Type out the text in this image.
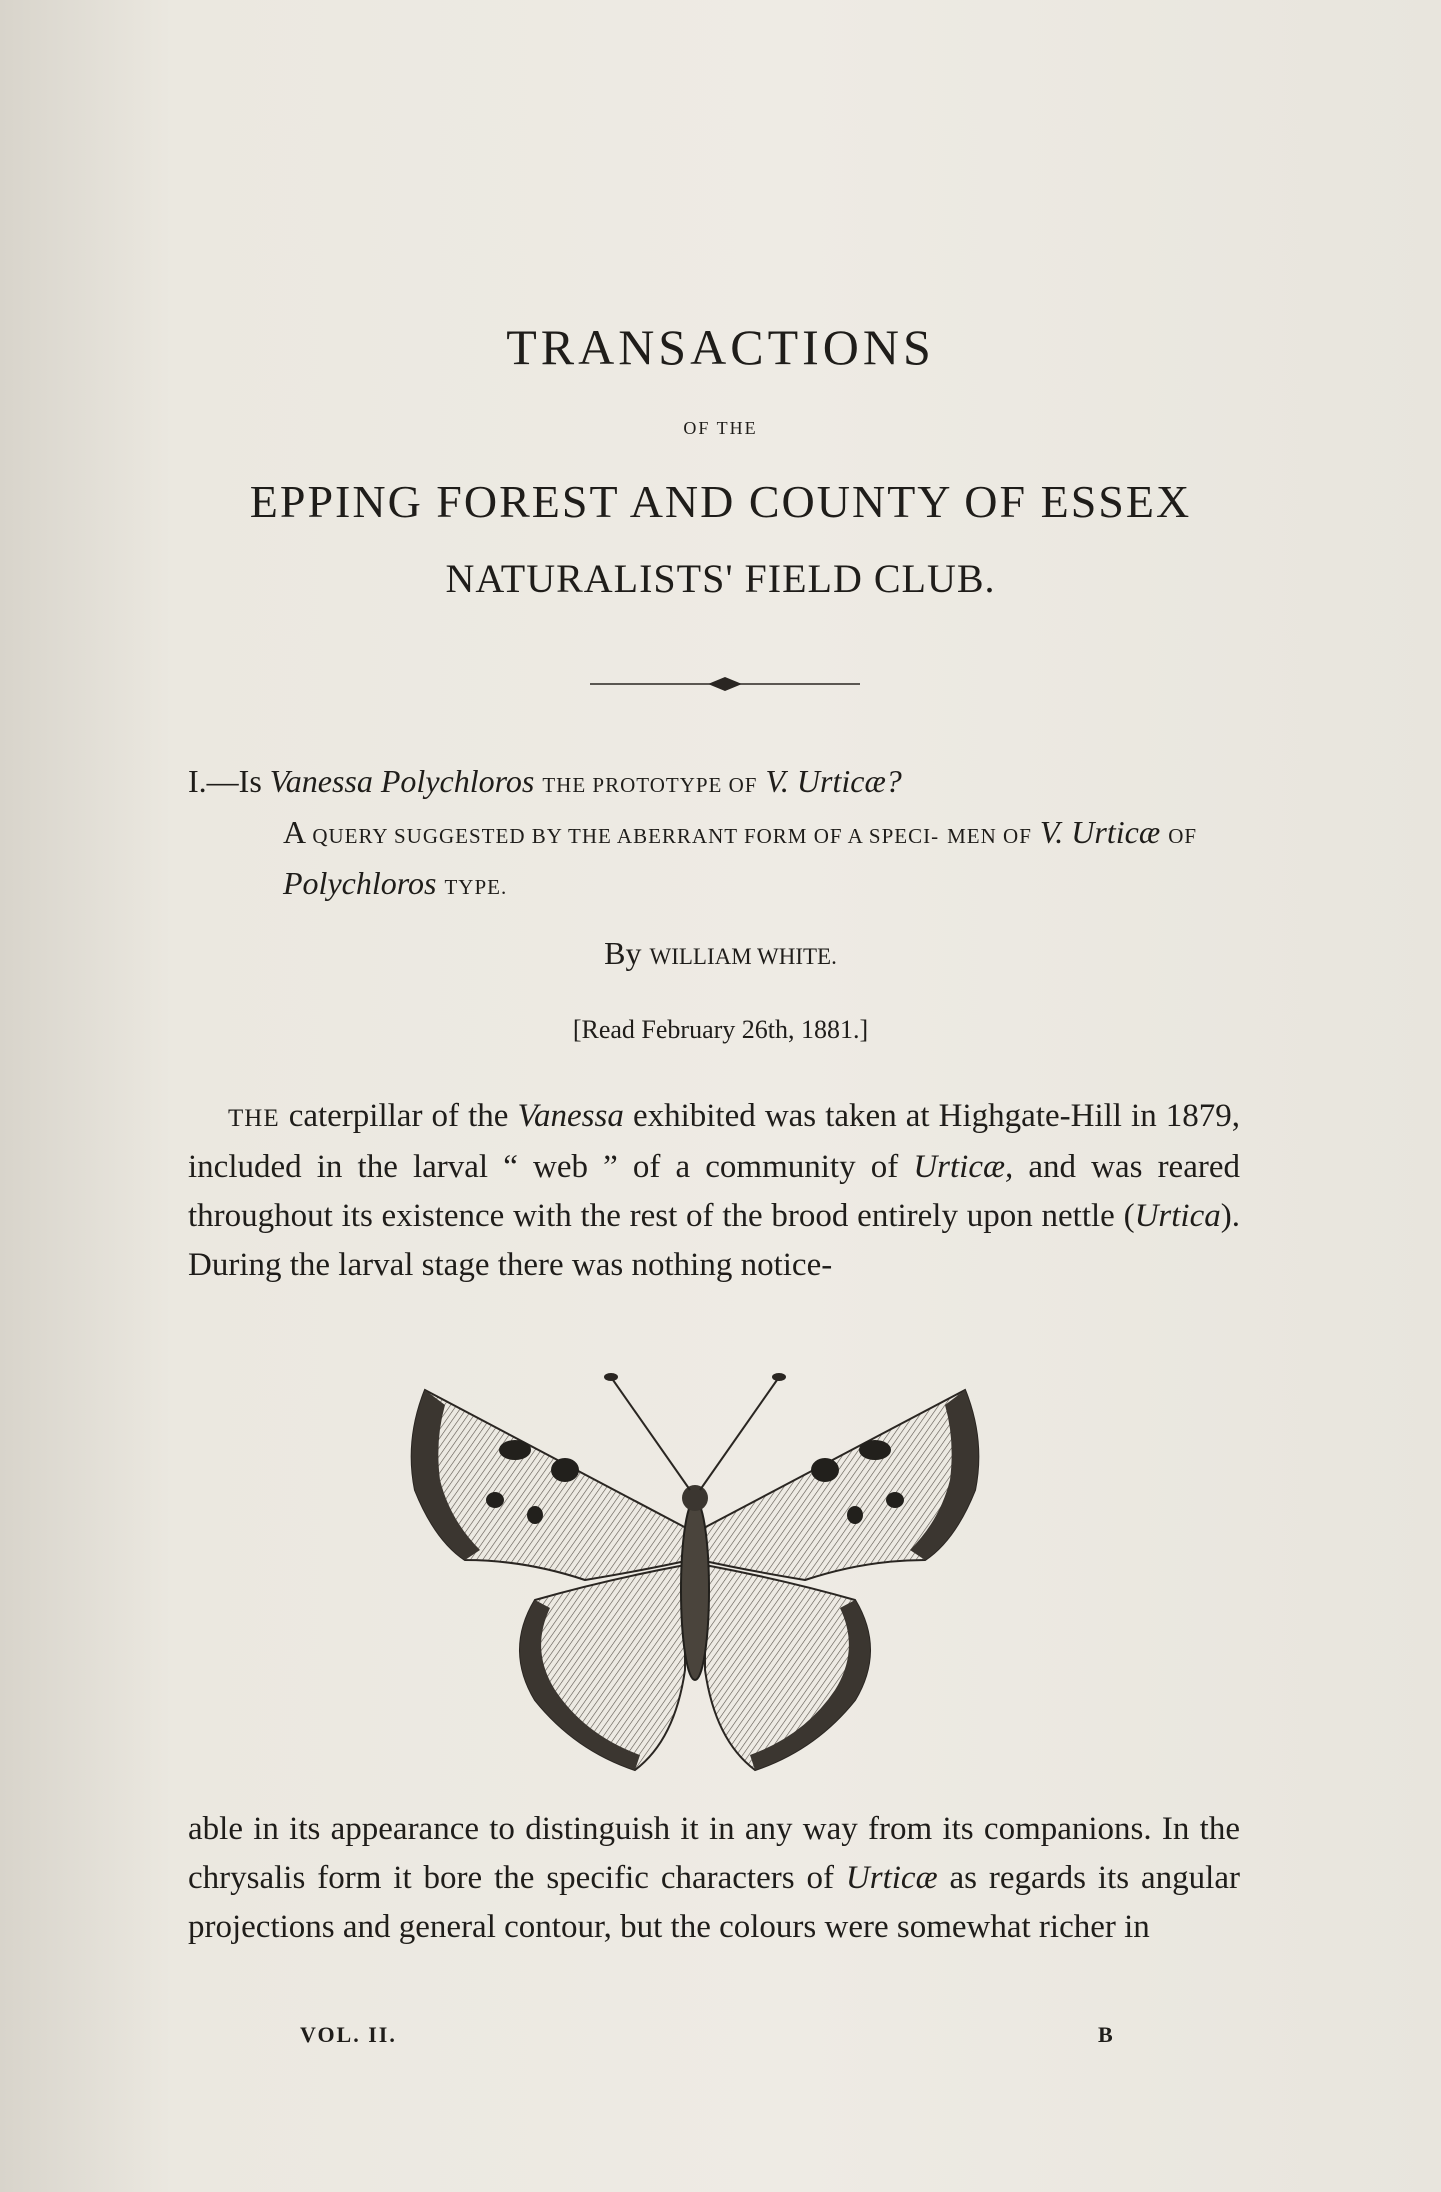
TRANSACTIONS
OF THE
EPPING FOREST AND COUNTY OF ESSEX
NATURALISTS' FIELD CLUB.
I.—Is Vanessa Polychloros THE PROTOTYPE OF V. Urticæ?
A QUERY SUGGESTED BY THE ABERRANT FORM OF A SPECI- MEN OF V. Urticæ OF Polychloros TYPE.
By WILLIAM WHITE.
[Read February 26th, 1881.]

THE caterpillar of the Vanessa exhibited was taken at Highgate-Hill in 1879, included in the larval “ web ” of a community of Urticæ, and was reared throughout its existence with the rest of the brood entirely upon nettle (Urtica). During the larval stage there was nothing notice-

able in its appearance to distinguish it in any way from its companions. In the chrysalis form it bore the specific characters of Urticæ as regards its angular projections and general contour, but the colours were somewhat richer in

VOL. II.	B
